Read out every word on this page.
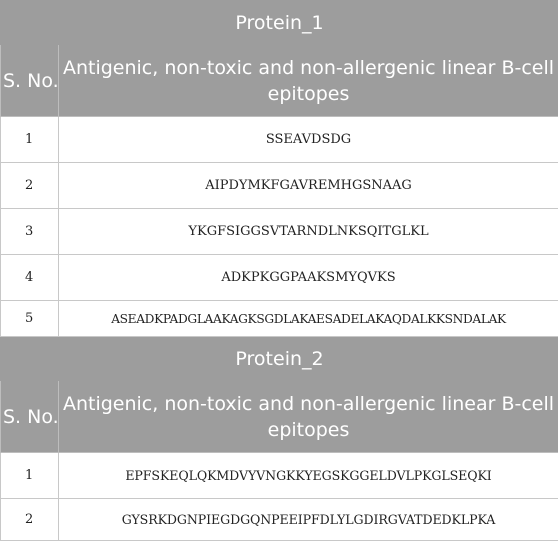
Protein_1	
S. No.	Antigenic, non-toxic and non-allergenic linear B-cell epitopes
1	SSEAVDSDG
2	AIPDYMKFGAVREMHGSNAAG
3	YKGFSIGGSVTARNDLNKSQITGLKL
4	ADKPKGGPAAKSMYQVKS
5	ASEADKPADGLAAKAGKSGDLAKAESADELAKAQDALKKSNDALAK
Protein_2	
S. No.	Antigenic, non-toxic and non-allergenic linear B-cell epitopes
1	EPFSKEQLQKMDVYVNGKKYEGSKGGELDVLPKGLSEQKI
2	GYSRKDGNPIEGDGQNPEEIPFDLYLGDIRGVATDEDKLPKA
